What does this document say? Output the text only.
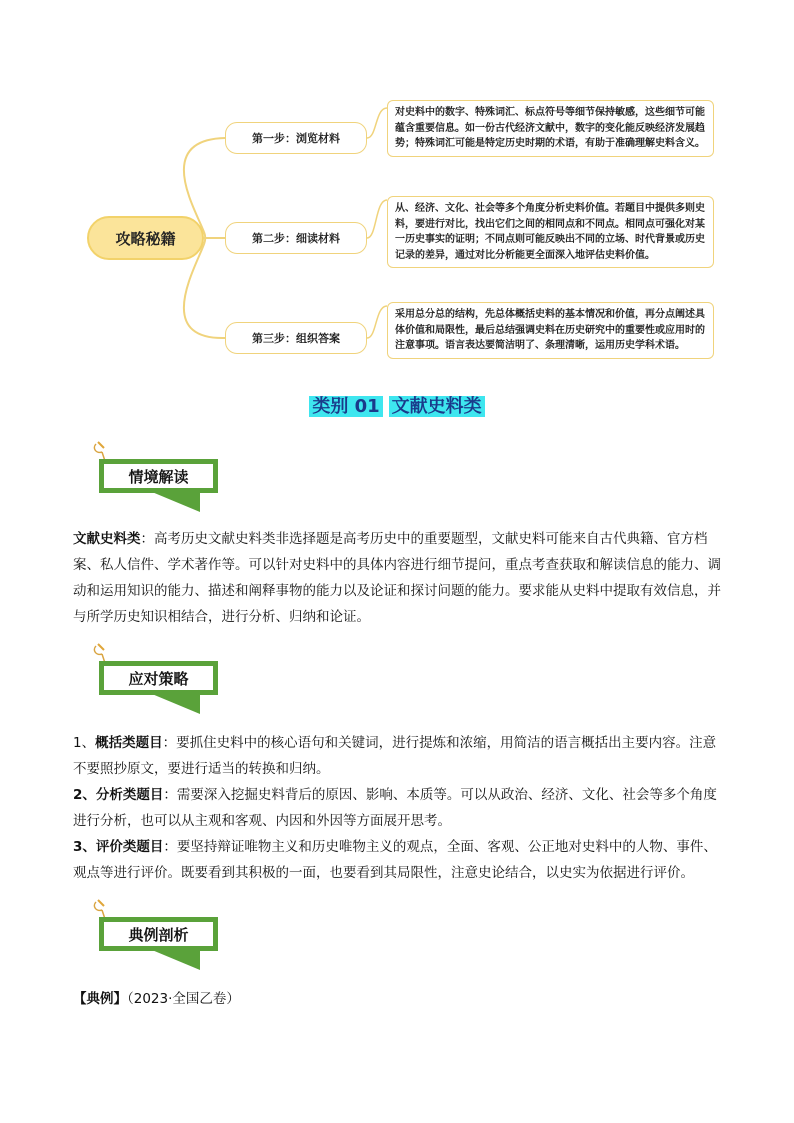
攻略秘籍
第一步：浏览材料
第二步：细读材料
第三步：组织答案
对史料中的数字、特殊词汇、标点符号等细节保持敏感，这些细节可能蕴含重要信息。如一份古代经济文献中，数字的变化能反映经济发展趋势；特殊词汇可能是特定历史时期的术语，有助于准确理解史料含义。
从、经济、文化、社会等多个角度分析史料价值。若题目中提供多则史料，要进行对比，找出它们之间的相同点和不同点。相同点可强化对某一历史事实的证明；不同点则可能反映出不同的立场、时代背景或历史记录的差异，通过对比分析能更全面深入地评估史料价值。
采用总分总的结构，先总体概括史料的基本情况和价值，再分点阐述具体价值和局限性，最后总结强调史料在历史研究中的重要性或应用时的注意事项。语言表达要简洁明了、条理清晰，运用历史学科术语。
类别 01 文献史料类
情境解读
文献史料类：高考历史文献史料类非选择题是高考历史中的重要题型，文献史料可能来自古代典籍、官方档案、私人信件、学术著作等。可以针对史料中的具体内容进行细节提问，重点考查获取和解读信息的能力、调动和运用知识的能力、描述和阐释事物的能力以及论证和探讨问题的能力。要求能从史料中提取有效信息，并与所学历史知识相结合，进行分析、归纳和论证。
应对策略
1、概括类题目：要抓住史料中的核心语句和关键词，进行提炼和浓缩，用简洁的语言概括出主要内容。注意不要照抄原文，要进行适当的转换和归纳。
2、分析类题目：需要深入挖掘史料背后的原因、影响、本质等。可以从政治、经济、文化、社会等多个角度进行分析，也可以从主观和客观、内因和外因等方面展开思考。
3、评价类题目：要坚持辩证唯物主义和历史唯物主义的观点，全面、客观、公正地对史料中的人物、事件、观点等进行评价。既要看到其积极的一面，也要看到其局限性，注意史论结合，以史实为依据进行评价。
典例剖析
【典例】（2023·全国乙卷）
